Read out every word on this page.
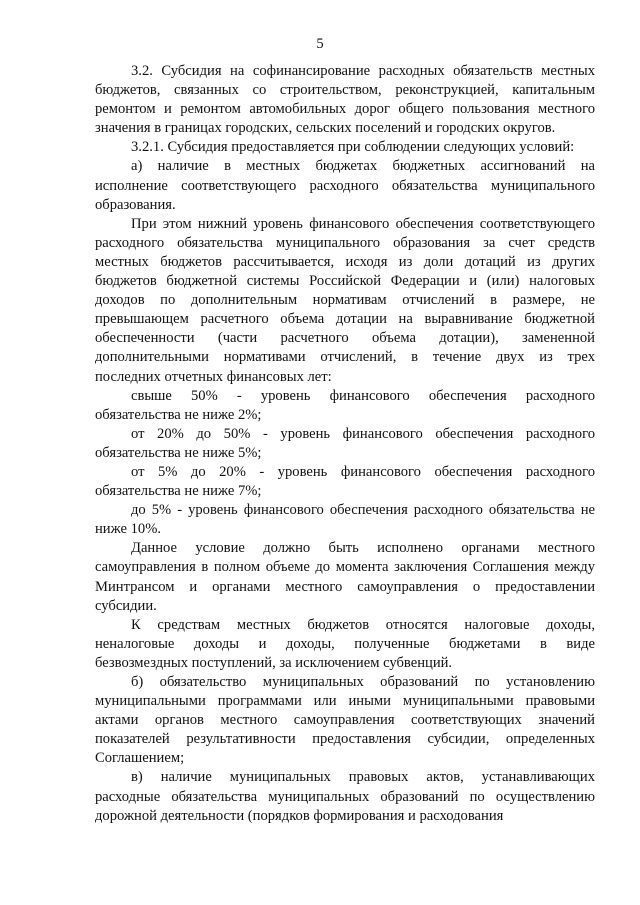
5
3.2. Субсидия на софинансирование расходных обязательств местных
бюджетов, связанных со строительством, реконструкцией, капитальным
ремонтом и ремонтом автомобильных дорог общего пользования местного
значения в границах городских, сельских поселений и городских округов.
3.2.1. Субсидия предоставляется при соблюдении следующих условий:
а) наличие в местных бюджетах бюджетных ассигнований на
исполнение соответствующего расходного обязательства муниципального
образования.
При этом нижний уровень финансового обеспечения соответствующего
расходного обязательства муниципального образования за счет средств
местных бюджетов рассчитывается, исходя из доли дотаций из других
бюджетов бюджетной системы Российской Федерации и (или) налоговых
доходов по дополнительным нормативам отчислений в размере, не
превышающем расчетного объема дотации на выравнивание бюджетной
обеспеченности (части расчетного объема дотации), замененной
дополнительными нормативами отчислений, в течение двух из трех
последних отчетных финансовых лет:
свыше 50% - уровень финансового обеспечения расходного
обязательства не ниже 2%;
от 20% до 50% - уровень финансового обеспечения расходного
обязательства не ниже 5%;
от 5% до 20% - уровень финансового обеспечения расходного
обязательства не ниже 7%;
до 5% - уровень финансового обеспечения расходного обязательства не
ниже 10%.
Данное условие должно быть исполнено органами местного
самоуправления в полном объеме до момента заключения Соглашения между
Минтрансом и органами местного самоуправления о предоставлении
субсидии.
К средствам местных бюджетов относятся налоговые доходы,
неналоговые доходы и доходы, полученные бюджетами в виде
безвозмездных поступлений, за исключением субвенций.
б) обязательство муниципальных образований по установлению
муниципальными программами или иными муниципальными правовыми
актами органов местного самоуправления соответствующих значений
показателей результативности предоставления субсидии, определенных
Соглашением;
в) наличие муниципальных правовых актов, устанавливающих
расходные обязательства муниципальных образований по осуществлению
дорожной деятельности (порядков формирования и расходования
